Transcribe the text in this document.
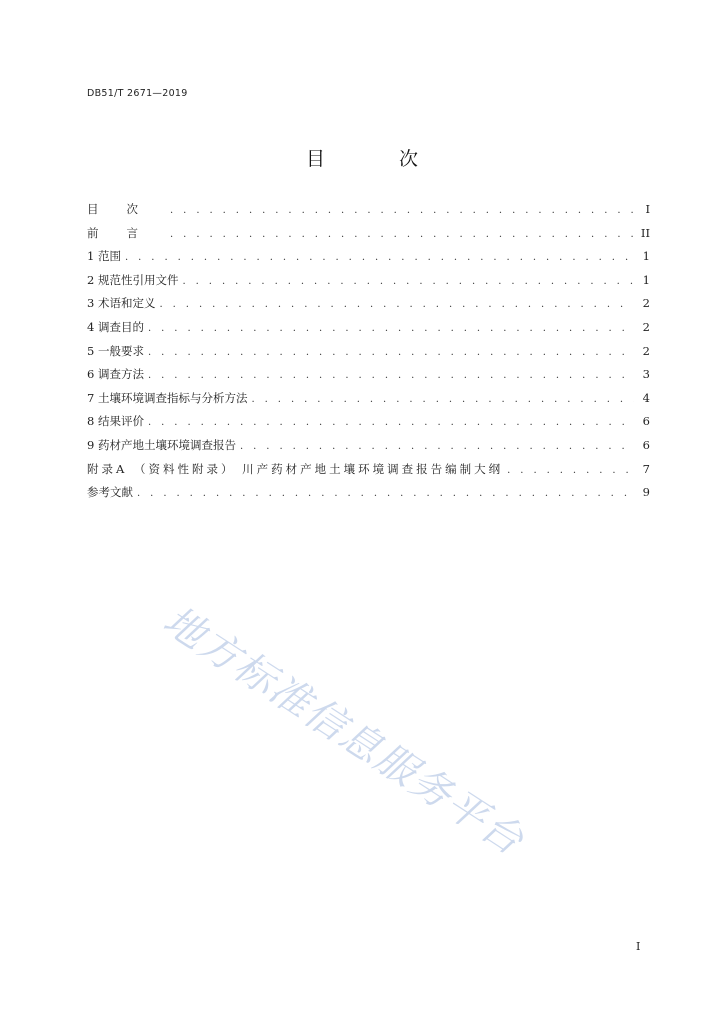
DB51/T 2671—2019
目 次
目次 . . .	I
前言 . . .	II
1 范围 . . .	1
2 规范性引用文件 . . .	1
3 术语和定义 . . .	2
4 调查目的 . . .	2
5 一般要求 . . .	2
6 调查方法 . . .	3
7 土壤环境调查指标与分析方法 . . .	4
8 结果评价 . . .	6
9 药材产地土壤环境调查报告 . . .	6
附录A （资料性附录） 川产药材产地土壤环境调查报告编制大纲 . . .	7
参考文献 . . .	9
地方标准信息服务平台
I
